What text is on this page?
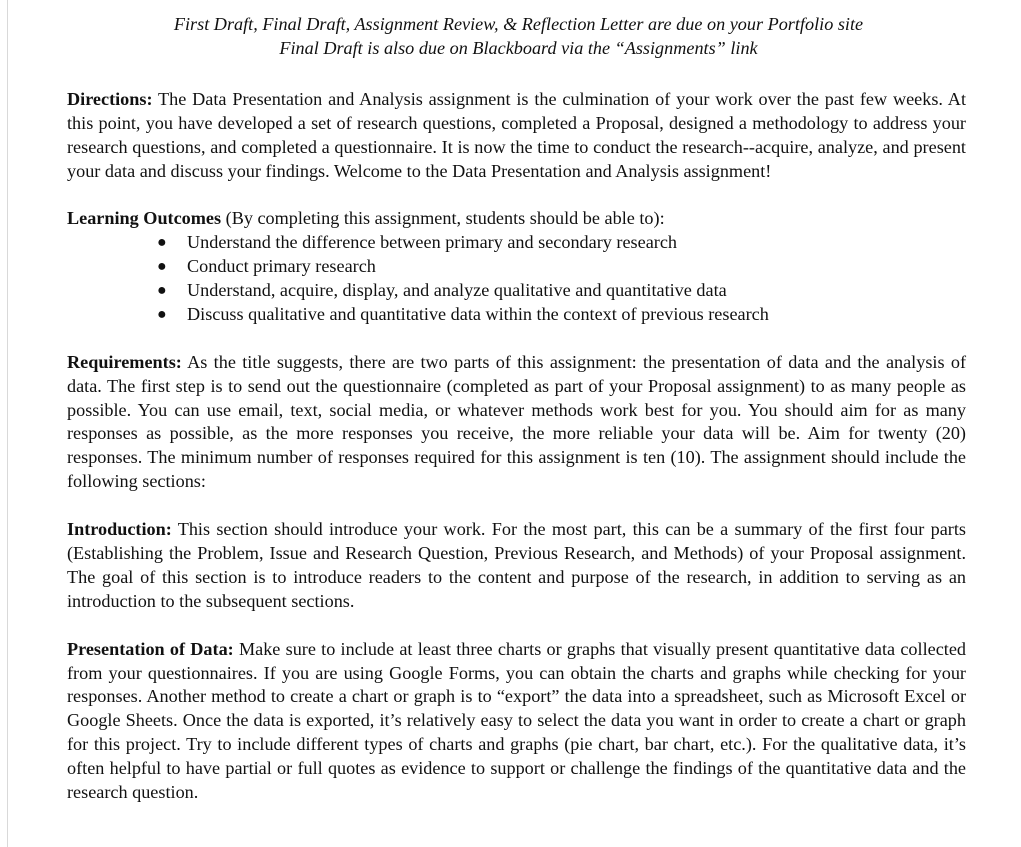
First Draft, Final Draft, Assignment Review, & Reflection Letter are due on your Portfolio site
Final Draft is also due on Blackboard via the “Assignments” link

Directions: The Data Presentation and Analysis assignment is the culmination of your work over the past few weeks. At this point, you have developed a set of research questions, completed a Proposal, designed a methodology to address your research questions, and completed a questionnaire. It is now the time to conduct the research--acquire, analyze, and present your data and discuss your findings. Welcome to the Data Presentation and Analysis assignment!

Learning Outcomes (By completing this assignment, students should be able to):

● Understand the difference between primary and secondary research
● Conduct primary research
● Understand, acquire, display, and analyze qualitative and quantitative data
● Discuss qualitative and quantitative data within the context of previous research

Requirements: As the title suggests, there are two parts of this assignment: the presentation of data and the analysis of data. The first step is to send out the questionnaire (completed as part of your Proposal assignment) to as many people as possible. You can use email, text, social media, or whatever methods work best for you. You should aim for as many responses as possible, as the more responses you receive, the more reliable your data will be. Aim for twenty (20) responses. The minimum number of responses required for this assignment is ten (10). The assignment should include the following sections:

Introduction: This section should introduce your work. For the most part, this can be a summary of the first four parts (Establishing the Problem, Issue and Research Question, Previous Research, and Methods) of your Proposal assignment. The goal of this section is to introduce readers to the content and purpose of the research, in addition to serving as an introduction to the subsequent sections.

Presentation of Data: Make sure to include at least three charts or graphs that visually present quantitative data collected from your questionnaires. If you are using Google Forms, you can obtain the charts and graphs while checking for your responses. Another method to create a chart or graph is to “export” the data into a spreadsheet, such as Microsoft Excel or Google Sheets. Once the data is exported, it’s relatively easy to select the data you want in order to create a chart or graph for this project. Try to include different types of charts and graphs (pie chart, bar chart, etc.). For the qualitative data, it’s often helpful to have partial or full quotes as evidence to support or challenge the findings of the quantitative data and the research question.
